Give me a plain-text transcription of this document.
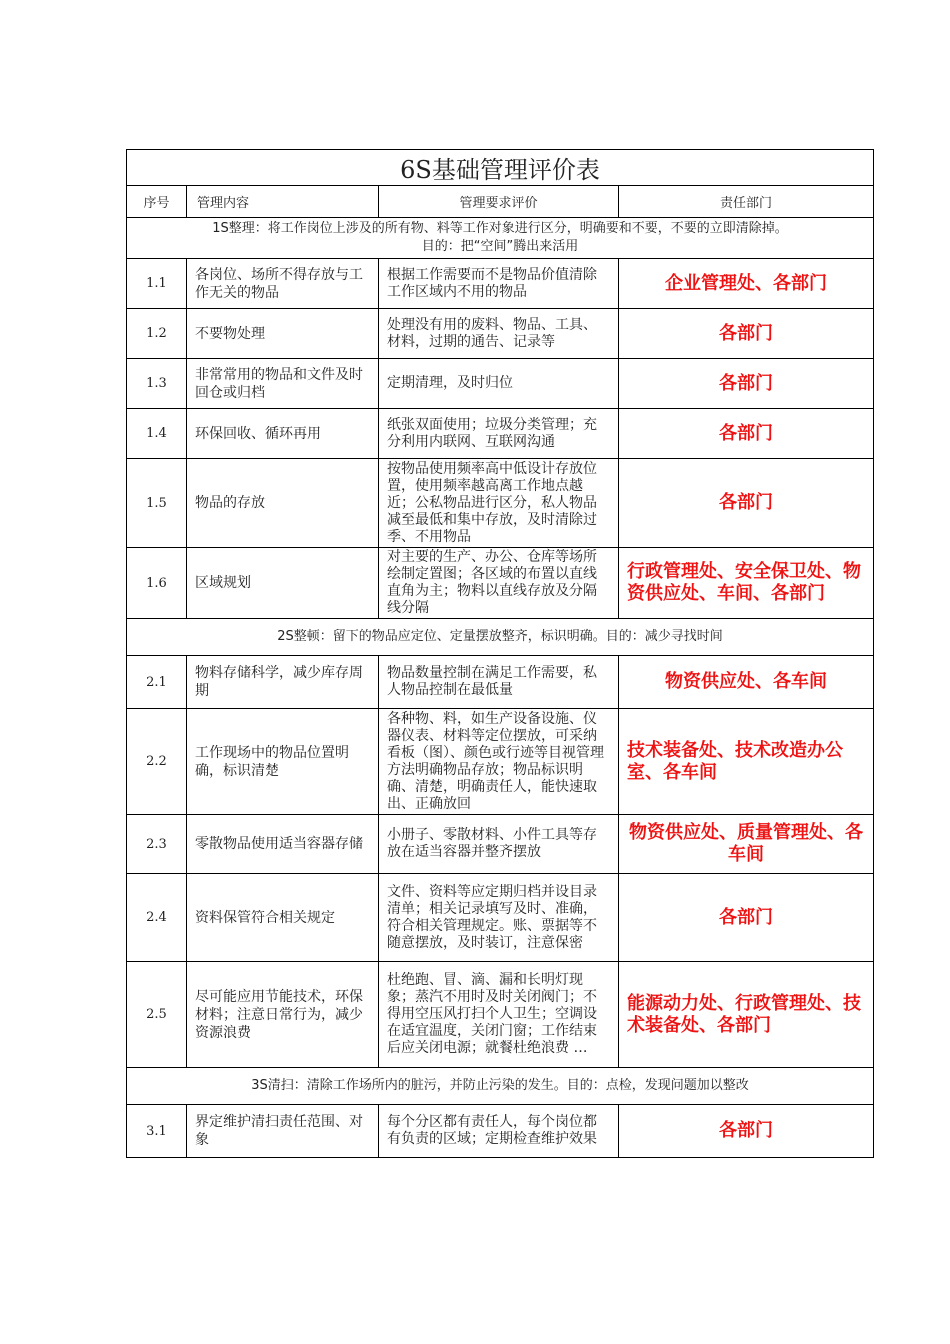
6S基础管理评价表			
序号	管理内容	管理要求评价	责任部门

1S整理：将工作岗位上涉及的所有物、料等工作对象进行区分，明确要和不要，不要的立即清除掉。
目的：把“空间”腾出来活用			

1.1	各岗位、场所不得存放与工作无关的物品	根据工作需要而不是物品价值清除工作区域内不用的物品	企业管理处、各部门
1.2	不要物处理	处理没有用的废料、物品、工具、材料，过期的通告、记录等	各部门
1.3	非常常用的物品和文件及时回仓或归档	定期清理，及时归位	各部门
1.4	环保回收、循环再用	纸张双面使用；垃圾分类管理；充分利用内联网、互联网沟通	各部门
1.5	物品的存放	按物品使用频率高中低设计存放位置，使用频率越高离工作地点越近；公私物品进行区分，私人物品减至最低和集中存放，及时清除过季、不用物品	各部门
1.6	区域规划	对主要的生产、办公、仓库等场所绘制定置图；各区域的布置以直线直角为主；物料以直线存放及分隔线分隔	行政管理处、安全保卫处、物资供应处、车间、各部门

2S整顿：留下的物品应定位、定量摆放整齐，标识明确。目的：减少寻找时间			

2.1	物料存储科学，减少库存周期	物品数量控制在满足工作需要，私人物品控制在最低量	物资供应处、各车间
2.2	工作现场中的物品位置明确，标识清楚	各种物、料，如生产设备设施、仪器仪表、材料等定位摆放，可采纳看板（图）、颜色或行迹等目视管理方法明确物品存放；物品标识明确、清楚，明确责任人，能快速取出、正确放回	技术装备处、技术改造办公室、各车间
2.3	零散物品使用适当容器存储	小册子、零散材料、小件工具等存放在适当容器并整齐摆放	物资供应处、质量管理处、各车间
2.4	资料保管符合相关规定	文件、资料等应定期归档并设目录清单；相关记录填写及时、准确，符合相关管理规定。账、票据等不随意摆放，及时装订，注意保密	各部门
2.5	尽可能应用节能技术，环保材料；注意日常行为，减少资源浪费	杜绝跑、冒、滴、漏和长明灯现象；蒸汽不用时及时关闭阀门；不得用空压风打扫个人卫生；空调设在适宜温度，关闭门窗；工作结束后应关闭电源；就餐杜绝浪费 …	能源动力处、行政管理处、技术装备处、各部门

3S清扫：清除工作场所内的脏污，并防止污染的发生。目的：点检，发现问题加以整改			

3.1	界定维护清扫责任范围、对象	每个分区都有责任人，每个岗位都有负责的区域；定期检查维护效果	各部门
